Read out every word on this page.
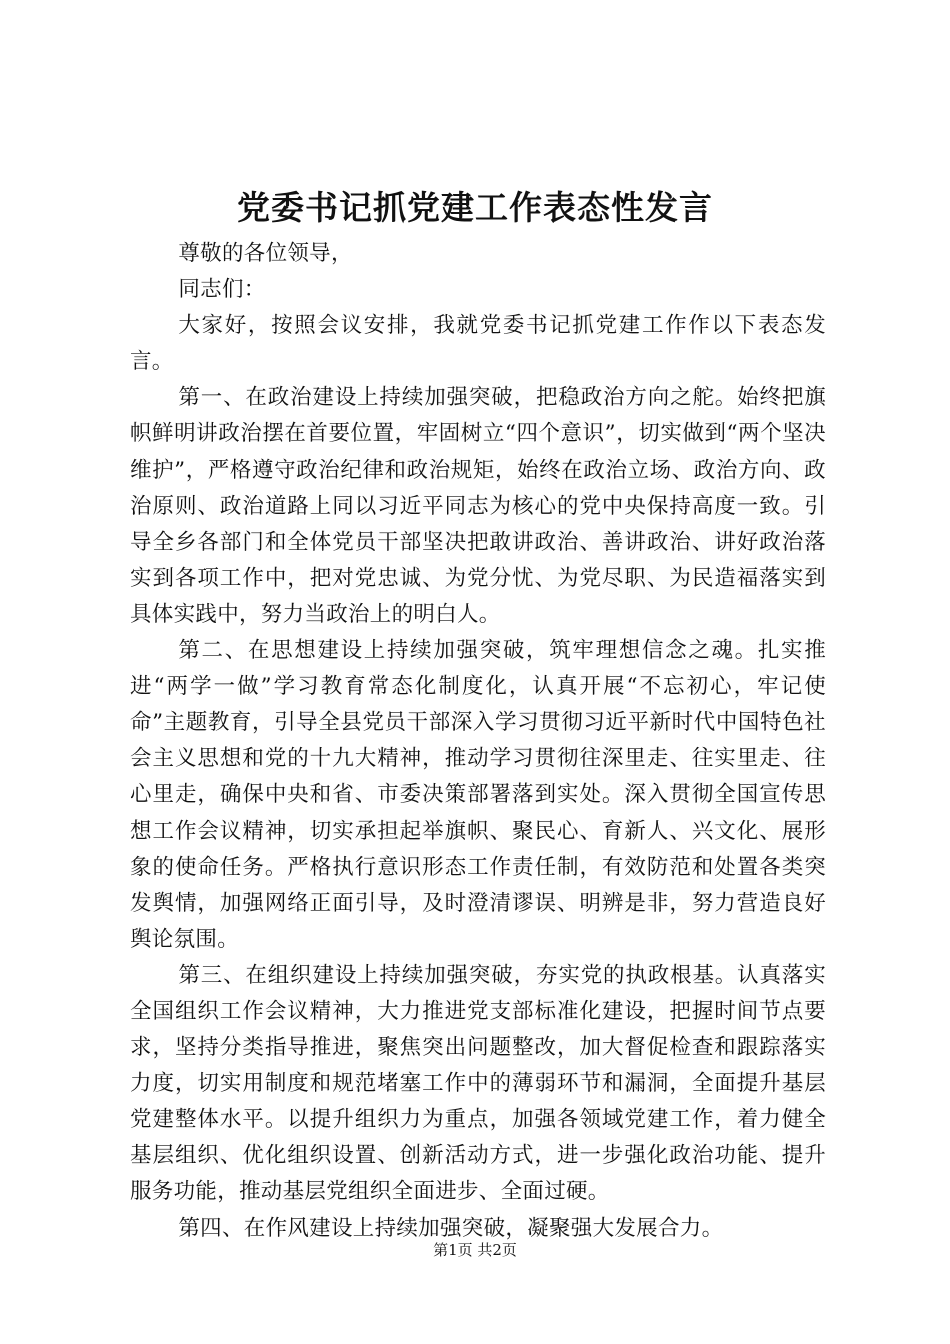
党委书记抓党建工作表态性发言

尊敬的各位领导，

同志们：

大家好，按照会议安排，我就党委书记抓党建工作作以下表态发言。

第一、在政治建设上持续加强突破，把稳政治方向之舵。始终把旗帜鲜明讲政治摆在首要位置，牢固树立“四个意识”，切实做到“两个坚决维护”，严格遵守政治纪律和政治规矩，始终在政治立场、政治方向、政治原则、政治道路上同以习近平同志为核心的党中央保持高度一致。引导全乡各部门和全体党员干部坚决把敢讲政治、善讲政治、讲好政治落实到各项工作中，把对党忠诚、为党分忧、为党尽职、为民造福落实到具体实践中，努力当政治上的明白人。

第二、在思想建设上持续加强突破，筑牢理想信念之魂。扎实推进“两学一做”学习教育常态化制度化，认真开展“不忘初心，牢记使命”主题教育，引导全县党员干部深入学习贯彻习近平新时代中国特色社会主义思想和党的十九大精神，推动学习贯彻往深里走、往实里走、往心里走，确保中央和省、市委决策部署落到实处。深入贯彻全国宣传思想工作会议精神，切实承担起举旗帜、聚民心、育新人、兴文化、展形象的使命任务。严格执行意识形态工作责任制，有效防范和处置各类突发舆情，加强网络正面引导，及时澄清谬误、明辨是非，努力营造良好舆论氛围。

第三、在组织建设上持续加强突破，夯实党的执政根基。认真落实全国组织工作会议精神，大力推进党支部标准化建设，把握时间节点要求，坚持分类指导推进，聚焦突出问题整改，加大督促检查和跟踪落实力度，切实用制度和规范堵塞工作中的薄弱环节和漏洞，全面提升基层党建整体水平。以提升组织力为重点，加强各领域党建工作，着力健全基层组织、优化组织设置、创新活动方式，进一步强化政治功能、提升服务功能，推动基层党组织全面进步、全面过硬。

第四、在作风建设上持续加强突破，凝聚强大发展合力。

第1页 共2页
